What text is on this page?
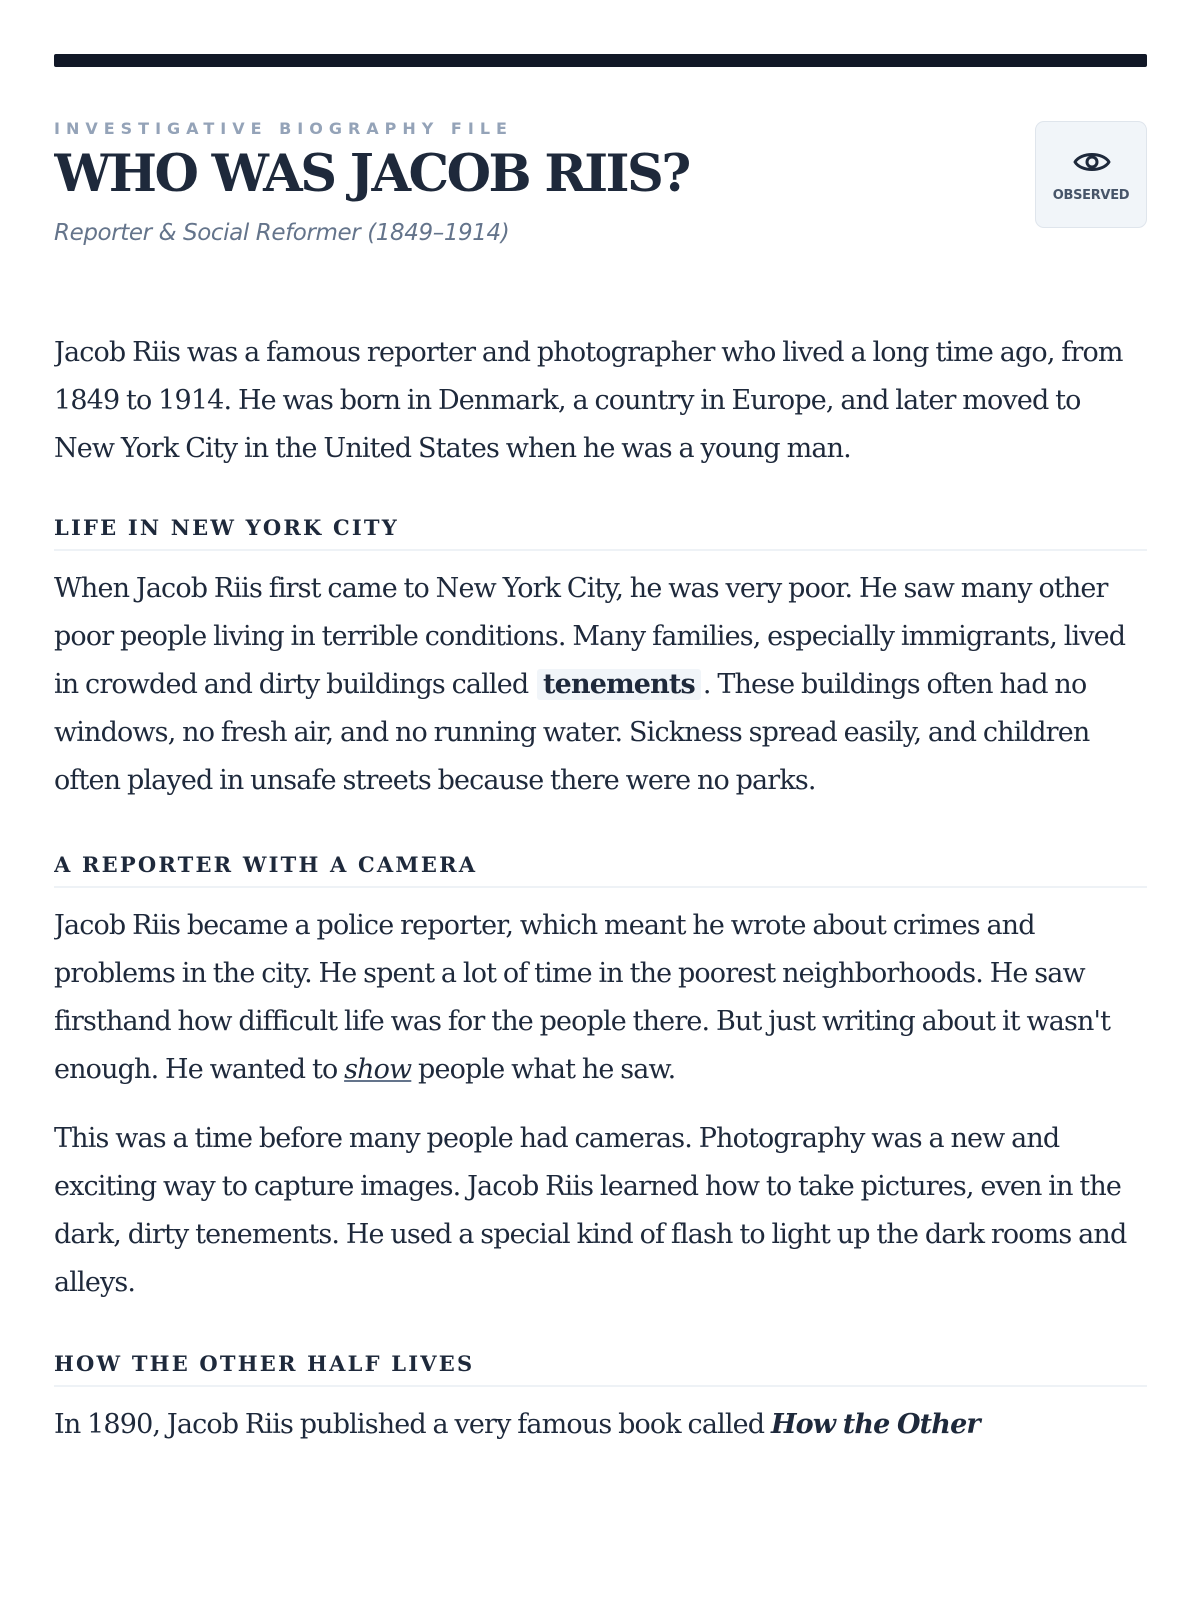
INVESTIGATIVE BIOGRAPHY FILE
WHO WAS JACOB RIIS?
Reporter & Social Reformer (1849–1914)
OBSERVED

Jacob Riis was a famous reporter and photographer who lived a long time ago, from 1849 to 1914. He was born in Denmark, a country in Europe, and later moved to New York City in the United States when he was a young man.

LIFE IN NEW YORK CITY

When Jacob Riis first came to New York City, he was very poor. He saw many other poor people living in terrible conditions. Many families, especially immigrants, lived in crowded and dirty buildings called tenements . These buildings often had no windows, no fresh air, and no running water. Sickness spread easily, and children often played in unsafe streets because there were no parks.

A REPORTER WITH A CAMERA

Jacob Riis became a police reporter, which meant he wrote about crimes and problems in the city. He spent a lot of time in the poorest neighborhoods. He saw firsthand how difficult life was for the people there. But just writing about it wasn't enough. He wanted to show people what he saw.

This was a time before many people had cameras. Photography was a new and exciting way to capture images. Jacob Riis learned how to take pictures, even in the dark, dirty tenements. He used a special kind of flash to light up the dark rooms and alleys.

HOW THE OTHER HALF LIVES

In 1890, Jacob Riis published a very famous book called How the Other
